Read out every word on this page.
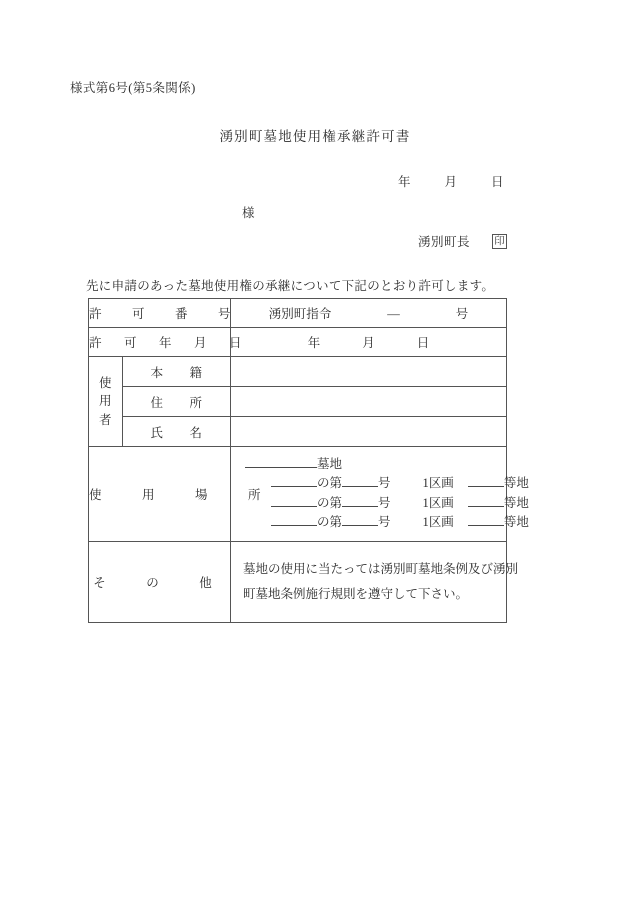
様式第6号(第5条関係)
湧別町墓地使用権承継許可書
年	月	日
様
湧別町長 印
先に申請のあった墓地使用権の承継について下記のとおり許可します。
許　可　番　号		湧別町指令 ― 号
許　可　年　月　日		年 月 日

使
用
者	本　　籍	
	住　　所	
	氏　　名	
使　用　場　所		墓地
の第 号 1区画 等地
の第 号 1区画 等地
の第 号 1区画 等地

そ　の　他		墓地の使用に当たっては湧別町墓地条例及び湧別
町墓地条例施行規則を遵守して下さい。
